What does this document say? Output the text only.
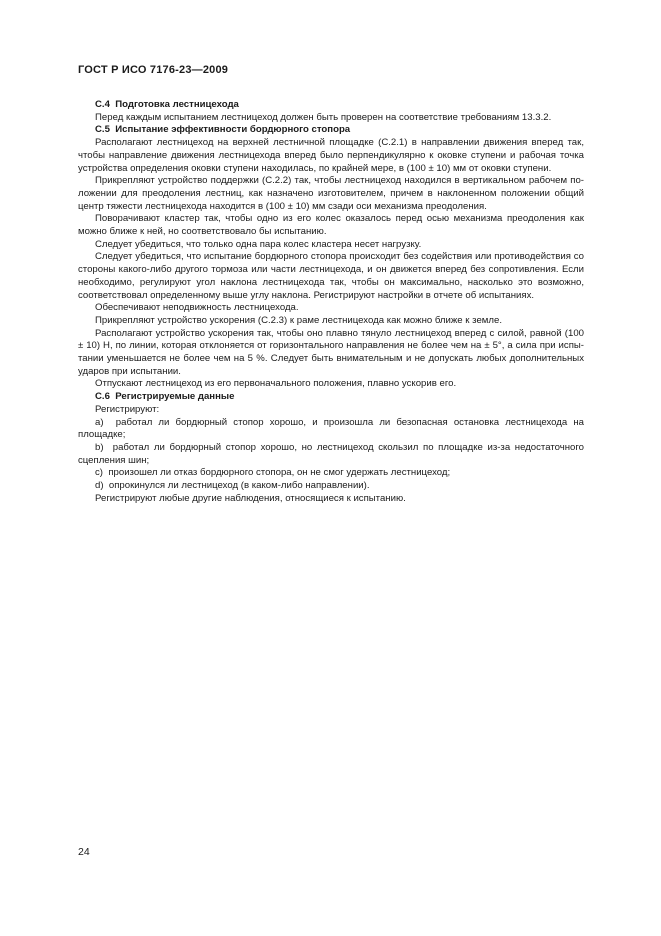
ГОСТ Р ИСО 7176-23—2009

C.4  Подготовка лестницехода

Перед каждым испытанием лестницеход должен быть проверен на соответствие требованиям 13.3.2.

C.5  Испытание эффективности бордюрного стопора

Располагают лестницеход на верхней лестничной площадке (C.2.1) в направлении движения вперед так, чтобы направление движения лестницехода вперед было перпендикулярно к оковке ступени и рабочая точка устройства определения оковки ступени находилась, по крайней мере, в (100 ± 10) мм от оковки ступени.

Прикрепляют устройство поддержки (C.2.2) так, чтобы лестницеход находился в вертикальном рабочем положении для преодоления лестниц, как назначено изготовителем, причем в наклоненном положении общий центр тяжести лестницехода находится в (100 ± 10) мм сзади оси механизма преодоления.

Поворачивают кластер так, чтобы одно из его колес оказалось перед осью механизма преодоления как можно ближе к ней, но соответствовало бы испытанию.

Следует убедиться, что только одна пара колес кластера несет нагрузку.

Следует убедиться, что испытание бордюрного стопора происходит без содействия или противодействия со стороны какого-либо другого тормоза или части лестницехода, и он движется вперед без сопротивления. Если необходимо, регулируют угол наклона лестницехода так, чтобы он максимально, насколько это возможно, соответствовал определенному выше углу наклона. Регистрируют настройки в отчете об испытаниях.

Обеспечивают неподвижность лестницехода.

Прикрепляют устройство ускорения (C.2.3) к раме лестницехода как можно ближе к земле.

Располагают устройство ускорения так, чтобы оно плавно тянуло лестницеход вперед с силой, равной (100 ± 10) Н, по линии, которая отклоняется от горизонтального направления не более чем на ± 5°, а сила при испытании уменьшается не более чем на 5 %. Следует быть внимательным и не допускать любых дополнительных ударов при испытании.

Отпускают лестницеход из его первоначального положения, плавно ускорив его.

C.6  Регистрируемые данные

Регистрируют:

a)  работал ли бордюрный стопор хорошо, и произошла ли безопасная остановка лестницехода на площадке;

b)  работал ли бордюрный стопор хорошо, но лестницеход скользил по площадке из-за недостаточного сцепления шин;

c)  произошел ли отказ бордюрного стопора, он не смог удержать лестницеход;

d)  опрокинулся ли лестницеход (в каком-либо направлении).

Регистрируют любые другие наблюдения, относящиеся к испытанию.

24
